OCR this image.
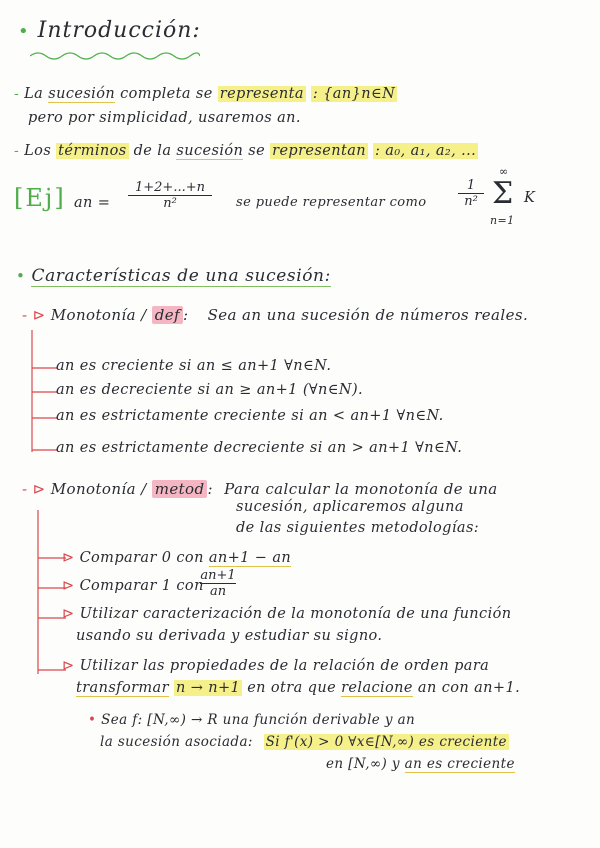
• Introducción:
- La sucesión completa se representa : {an}n∈N
pero por simplicidad, usaremos an.
- Los términos de la sucesión se representan : a₀, a₁, a₂, ...
[Ej] an = $\frac{1+2+...+n}{\text{n²}}$ se puede representar como $\frac{1}{\text{n²}}$
∞
Σ
n=1
K
• Características de una sucesión:
- ⊳ Monotonía / def : Sea an una sucesión de números reales.
an es creciente si an ≤ an+1 ∀n∈N.
an es decreciente si an ≥ an+1 (∀n∈N).
an es estrictamente creciente si an < an+1 ∀n∈N.
an es estrictamente decreciente si an > an+1 ∀n∈N.
- ⊳ Monotonía / metod : Para calcular la monotonía de una
sucesión, aplicaremos alguna
de las siguientes metodologías:
⊳ Comparar 0 con an+1 − an
⊳ Comparar 1 con
$\frac{an+1}{an}$
⊳ Utilizar caracterización de la monotonía de una función
usando su derivada y estudiar su signo.
⊳ Utilizar las propiedades de la relación de orden para
transformar n → n+1 en otra que relacione an con an+1.
• Sea f: [N,∞) → R una función derivable y an
la sucesión asociada: Si f'(x) > 0 ∀x∈[N,∞) es creciente
en [N,∞) y an es creciente
